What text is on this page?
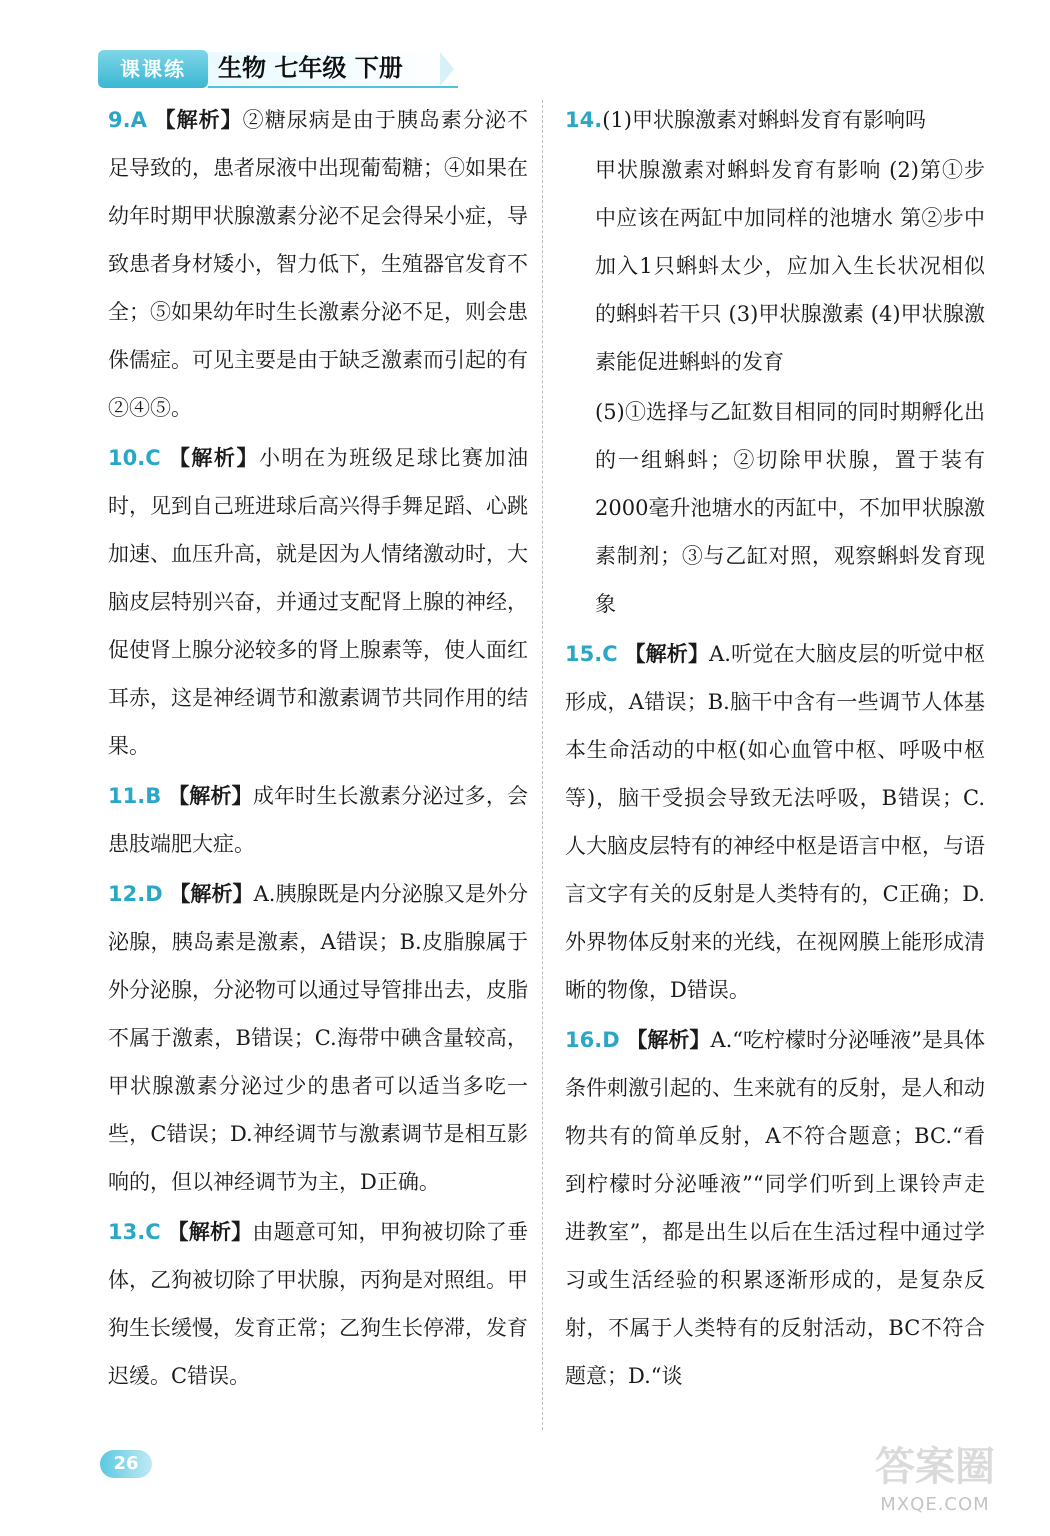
课课练	生物 七年级 下册
9.A 【解析】②糖尿病是由于胰岛素分泌不足导致的，患者尿液中出现葡萄糖；④如果在幼年时期甲状腺激素分泌不足会得呆小症，导致患者身材矮小，智力低下，生殖器官发育不全；⑤如果幼年时生长激素分泌不足，则会患侏儒症。可见主要是由于缺乏激素而引起的有②④⑤。
10.C 【解析】小明在为班级足球比赛加油时，见到自己班进球后高兴得手舞足蹈、心跳加速、血压升高，就是因为人情绪激动时，大脑皮层特别兴奋，并通过支配肾上腺的神经，促使肾上腺分泌较多的肾上腺素等，使人面红耳赤，这是神经调节和激素调节共同作用的结果。
11.B 【解析】成年时生长激素分泌过多，会患肢端肥大症。
12.D 【解析】A.胰腺既是内分泌腺又是外分泌腺，胰岛素是激素，A错误；B.皮脂腺属于外分泌腺，分泌物可以通过导管排出去，皮脂不属于激素，B错误；C.海带中碘含量较高，甲状腺激素分泌过少的患者可以适当多吃一些，C错误；D.神经调节与激素调节是相互影响的，但以神经调节为主，D正确。
13.C 【解析】由题意可知，甲狗被切除了垂体，乙狗被切除了甲状腺，丙狗是对照组。甲狗生长缓慢，发育正常；乙狗生长停滞，发育迟缓。C错误。
14.(1)甲状腺激素对蝌蚪发育有影响吗
甲状腺激素对蝌蚪发育有影响 (2)第①步中应该在两缸中加同样的池塘水 第②步中加入1只蝌蚪太少，应加入生长状况相似的蝌蚪若干只 (3)甲状腺激素 (4)甲状腺激素能促进蝌蚪的发育
(5)①选择与乙缸数目相同的同时期孵化出的一组蝌蚪；②切除甲状腺，置于装有2000毫升池塘水的丙缸中，不加甲状腺激素制剂；③与乙缸对照，观察蝌蚪发育现象
15.C 【解析】A.听觉在大脑皮层的听觉中枢形成，A错误；B.脑干中含有一些调节人体基本生命活动的中枢(如心血管中枢、呼吸中枢等)，脑干受损会导致无法呼吸，B错误；C.人大脑皮层特有的神经中枢是语言中枢，与语言文字有关的反射是人类特有的，C正确；D.外界物体反射来的光线，在视网膜上能形成清晰的物像，D错误。
16.D 【解析】A.“吃柠檬时分泌唾液”是具体条件刺激引起的、生来就有的反射，是人和动物共有的简单反射，A不符合题意；BC.“看到柠檬时分泌唾液”“同学们听到上课铃声走进教室”，都是出生以后在生活过程中通过学习或生活经验的积累逐渐形成的，是复杂反射，不属于人类特有的反射活动，BC不符合题意；D.“谈
26	答案圈
MXQE.COM
